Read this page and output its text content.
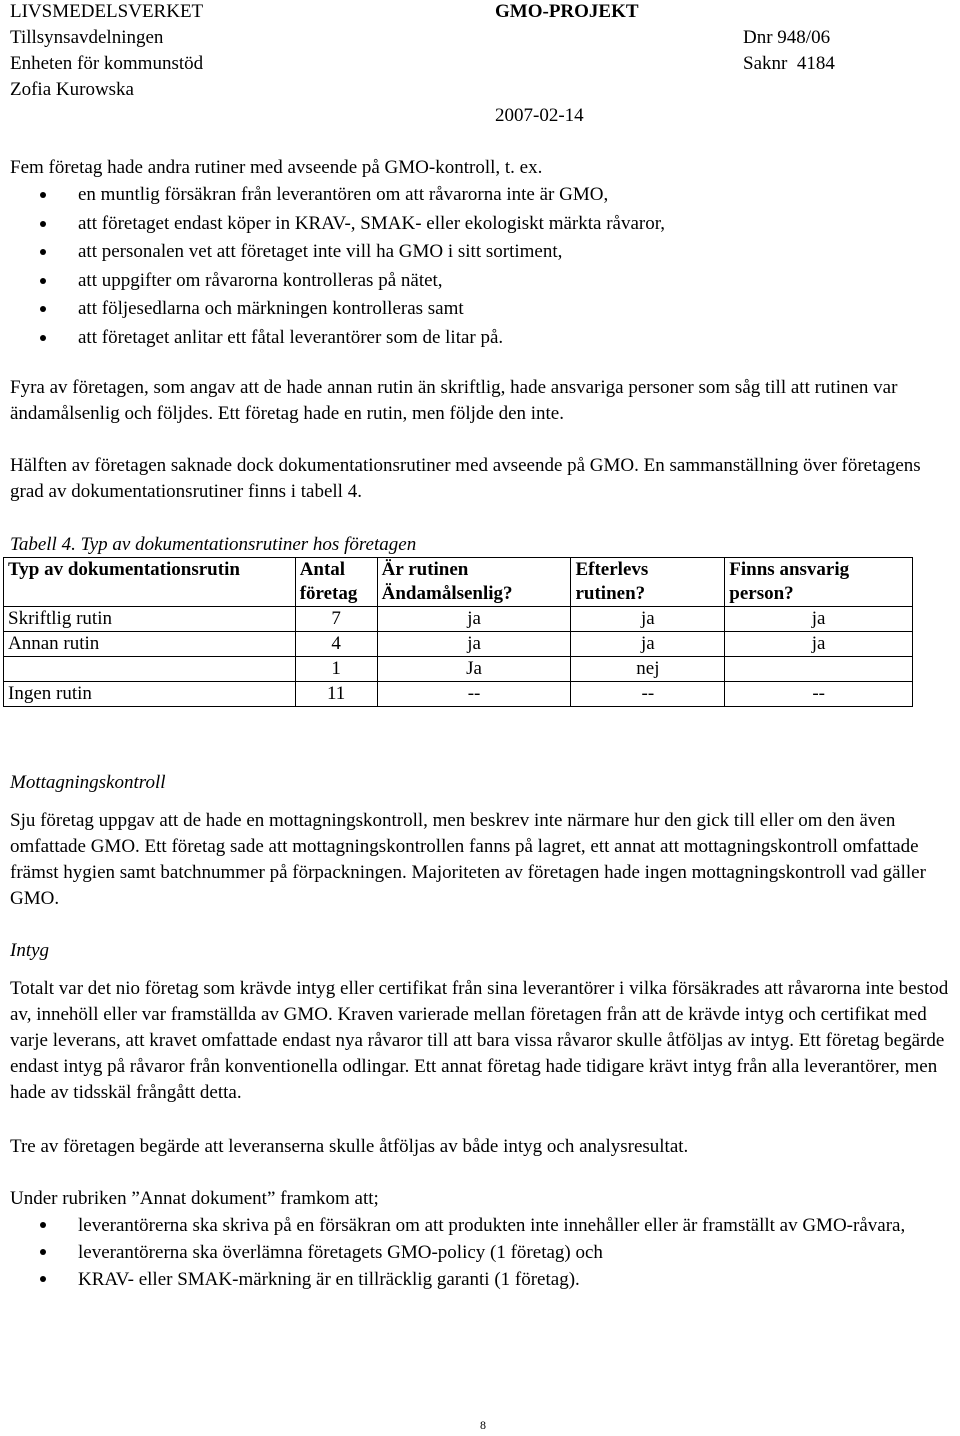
LIVSMEDELSVERKET	GMO-PROJEKT
Tillsynsavdelningen	Dnr 948/06
Enheten för kommunstöd	Saknr  4184
Zofia Kurowska
2007-02-14
Fem företag hade andra rutiner med avseende på GMO-kontroll, t. ex.
en muntlig försäkran från leverantören om att råvarorna inte är GMO,
att företaget endast köper in KRAV-, SMAK- eller ekologiskt märkta råvaror,
att personalen vet att företaget inte vill ha GMO i sitt sortiment,
att uppgifter om råvarorna kontrolleras på nätet,
att följesedlarna och märkningen kontrolleras samt
att företaget anlitar ett fåtal leverantörer som de litar på.
Fyra av företagen, som angav att de hade annan rutin än skriftlig, hade ansvariga personer som såg till att rutinen var ändamålsenlig och följdes. Ett företag hade en rutin, men följde den inte.
Hälften av företagen saknade dock dokumentationsrutiner med avseende på GMO. En sammanställning över företagens grad av dokumentationsrutiner finns i tabell 4.
Tabell 4. Typ av dokumentationsrutiner hos företagen
Typ av dokumentationsrutin	Antal företag	Är rutinen Ändamålsenlig?	Efterlevs rutinen?	Finns ansvarig person?
Skriftlig rutin	7	ja	ja	ja
Annan rutin	4	ja	ja	ja
	1	Ja	nej	
Ingen rutin	11	--	--	--
Mottagningskontroll
Sju företag uppgav att de hade en mottagningskontroll, men beskrev inte närmare hur den gick till eller om den även omfattade GMO. Ett företag sade att mottagningskontrollen fanns på lagret, ett annat att mottagningskontroll omfattade främst hygien samt batchnummer på förpackningen. Majoriteten av företagen hade ingen mottagningskontroll vad gäller GMO.
Intyg
Totalt var det nio företag som krävde intyg eller certifikat från sina leverantörer i vilka försäkrades att råvarorna inte bestod av, innehöll eller var framställda av GMO. Kraven varierade mellan företagen från att de krävde intyg och certifikat med varje leverans, att kravet omfattade endast nya råvaror till att bara vissa råvaror skulle åtföljas av intyg. Ett företag begärde endast intyg på råvaror från konventionella odlingar. Ett annat företag hade tidigare krävt intyg från alla leverantörer, men hade av tidsskäl frångått detta.
Tre av företagen begärde att leveranserna skulle åtföljas av både intyg och analysresultat.
Under rubriken ”Annat dokument” framkom att;
leverantörerna ska skriva på en försäkran om att produkten inte innehåller eller är framställt av GMO-råvara,
leverantörerna ska överlämna företagets GMO-policy (1 företag) och
KRAV- eller SMAK-märkning är en tillräcklig garanti (1 företag).
8
